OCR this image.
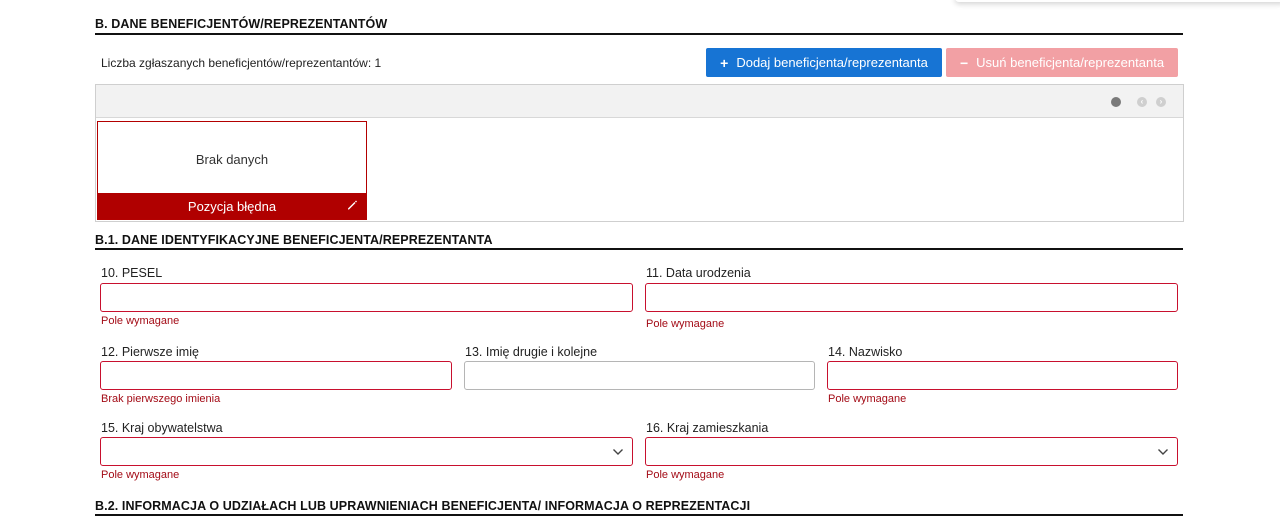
B. DANE BENEFICJENTÓW/REPREZENTANTÓW
Liczba zgłaszanych beneficjentów/reprezentantów: 1	+ Dodaj beneficjenta/reprezentanta − Usuń beneficjenta/reprezentanta
‹	›
Brak danych
Pozycja błędna
B.1. DANE IDENTYFIKACYJNE BENEFICJENTA/REPREZENTANTA
10. PESEL
Pole wymagane
11. Data urodzenia
Pole wymagane
12. Pierwsze imię
Brak pierwszego imienia
13. Imię drugie i kolejne	14. Nazwisko
Pole wymagane
15. Kraj obywatelstwa
Pole wymagane
16. Kraj zamieszkania
Pole wymagane
B.2. INFORMACJA O UDZIAŁACH LUB UPRAWNIENIACH BENEFICJENTA/ INFORMACJA O REPREZENTACJI
